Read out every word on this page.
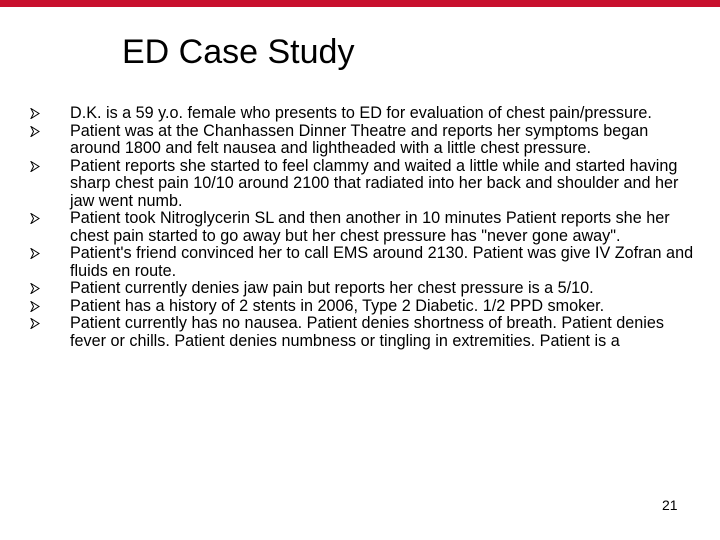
ED Case Study
D.K. is a 59 y.o. female who presents to ED for evaluation of chest pain/pressure.
Patient was at the Chanhassen Dinner Theatre and reports her symptoms began around 1800 and felt nausea and lightheaded with a little chest pressure.
Patient reports she started to feel clammy and waited a little while and started having sharp chest pain 10/10 around 2100 that radiated into her back and shoulder and her jaw went numb.
Patient took Nitroglycerin SL and then another in 10 minutes Patient reports she her chest pain started to go away but her chest pressure has "never gone away".
Patient's friend convinced her to call EMS around 2130. Patient was give IV Zofran and fluids en route.
Patient currently denies jaw pain but reports her chest pressure is a 5/10.
Patient has a history of 2 stents in 2006, Type 2 Diabetic. 1/2 PPD smoker.
Patient currently has no nausea. Patient denies shortness of breath. Patient denies fever or chills. Patient denies numbness or tingling in extremities. Patient is a
21
